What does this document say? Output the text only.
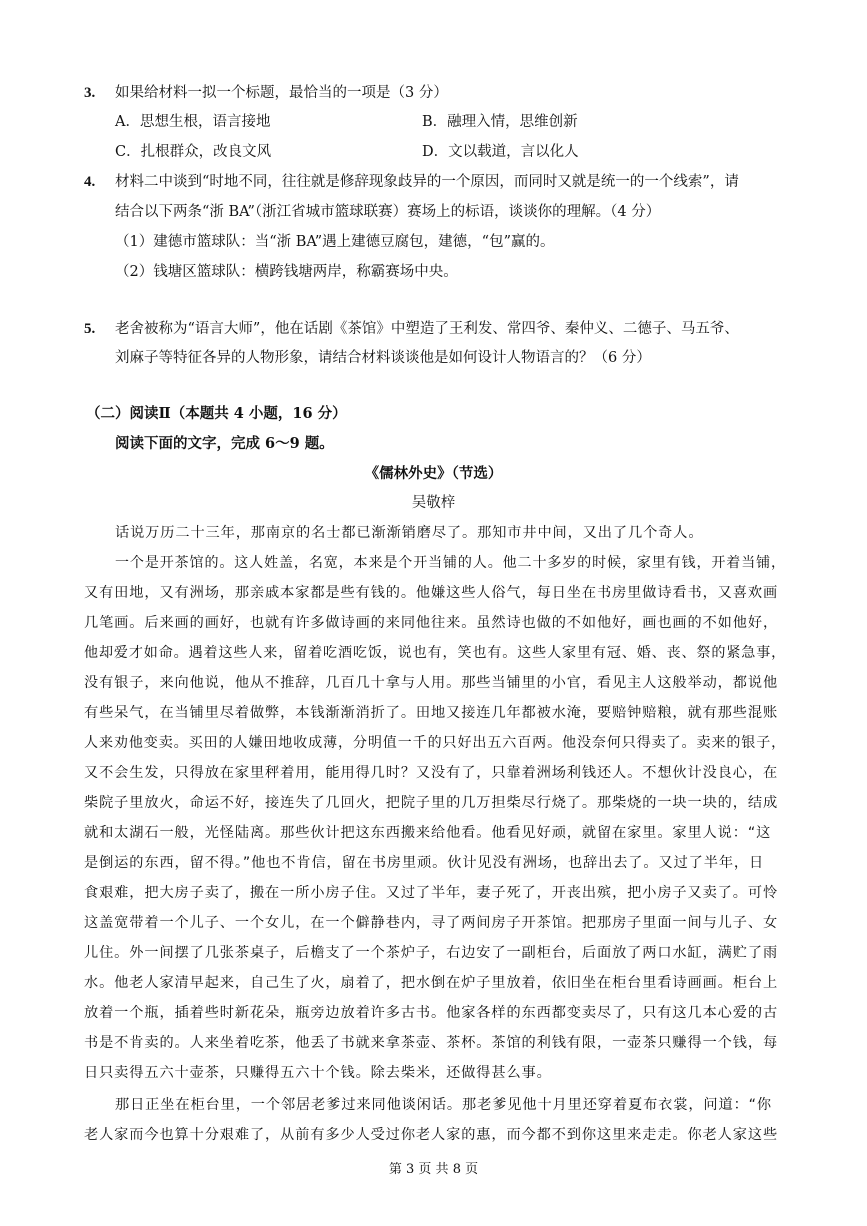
3. 如果给材料一拟一个标题，最恰当的一项是（3 分）
A．思想生根，语言接地	B．融理入情，思维创新
C．扎根群众，改良文风	D．文以载道，言以化人
4. 材料二中谈到“时地不同，往往就是修辞现象歧异的一个原因，而同时又就是统一的一个线索”，请
结合以下两条“浙 BA”（浙江省城市篮球联赛）赛场上的标语，谈谈你的理解。（4 分）
（1）建德市篮球队：当“浙 BA”遇上建德豆腐包，建德，“包”赢的。
（2）钱塘区篮球队：横跨钱塘两岸，称霸赛场中央。
5. 老舍被称为“语言大师”，他在话剧《茶馆》中塑造了王利发、常四爷、秦仲义、二德子、马五爷、
刘麻子等特征各异的人物形象，请结合材料谈谈他是如何设计人物语言的？（6 分）
（二）阅读Ⅱ（本题共 4 小题，16 分）
阅读下面的文字，完成 6～9 题。
《儒林外史》（节选）
吴敬梓
话说万历二十三年，那南京的名士都已渐渐销磨尽了。那知市井中间，又出了几个奇人。
一个是开茶馆的。这人姓盖，名宽，本来是个开当铺的人。他二十多岁的时候，家里有钱，开着当铺，
又有田地，又有洲场，那亲戚本家都是些有钱的。他嫌这些人俗气，每日坐在书房里做诗看书，又喜欢画
几笔画。后来画的画好，也就有许多做诗画的来同他往来。虽然诗也做的不如他好，画也画的不如他好，
他却爱才如命。遇着这些人来，留着吃酒吃饭，说也有，笑也有。这些人家里有冠、婚、丧、祭的紧急事，
没有银子，来向他说，他从不推辞，几百几十拿与人用。那些当铺里的小官，看见主人这般举动，都说他
有些呆气，在当铺里尽着做弊，本钱渐渐消折了。田地又接连几年都被水淹，要赔钟赔粮，就有那些混账
人来劝他变卖。买田的人嫌田地收成薄，分明值一千的只好出五六百两。他没奈何只得卖了。卖来的银子，
又不会生发，只得放在家里秤着用，能用得几时？又没有了，只靠着洲场利钱还人。不想伙计没良心，在
柴院子里放火，命运不好，接连失了几回火，把院子里的几万担柴尽行烧了。那柴烧的一块一块的，结成
就和太湖石一般，光怪陆离。那些伙计把这东西搬来给他看。他看见好顽，就留在家里。家里人说：“这
是倒运的东西，留不得。”他也不肯信，留在书房里顽。伙计见没有洲场，也辞出去了。又过了半年，日
食艰难，把大房子卖了，搬在一所小房子住。又过了半年，妻子死了，开丧出殡，把小房子又卖了。可怜
这盖宽带着一个儿子、一个女儿，在一个僻静巷内，寻了两间房子开茶馆。把那房子里面一间与儿子、女
儿住。外一间摆了几张茶桌子，后檐支了一个茶炉子，右边安了一副柜台，后面放了两口水缸，满贮了雨
水。他老人家清早起来，自己生了火，扇着了，把水倒在炉子里放着，依旧坐在柜台里看诗画画。柜台上
放着一个瓶，插着些时新花朵，瓶旁边放着许多古书。他家各样的东西都变卖尽了，只有这几本心爱的古
书是不肯卖的。人来坐着吃茶，他丢了书就来拿茶壶、茶杯。茶馆的利钱有限，一壶茶只赚得一个钱，每
日只卖得五六十壶茶，只赚得五六十个钱。除去柴米，还做得甚么事。
那日正坐在柜台里，一个邻居老爹过来同他谈闲话。那老爹见他十月里还穿着夏布衣裳，问道：“你
老人家而今也算十分艰难了，从前有多少人受过你老人家的惠，而今都不到你这里来走走。你老人家这些
第 3 页 共 8 页
